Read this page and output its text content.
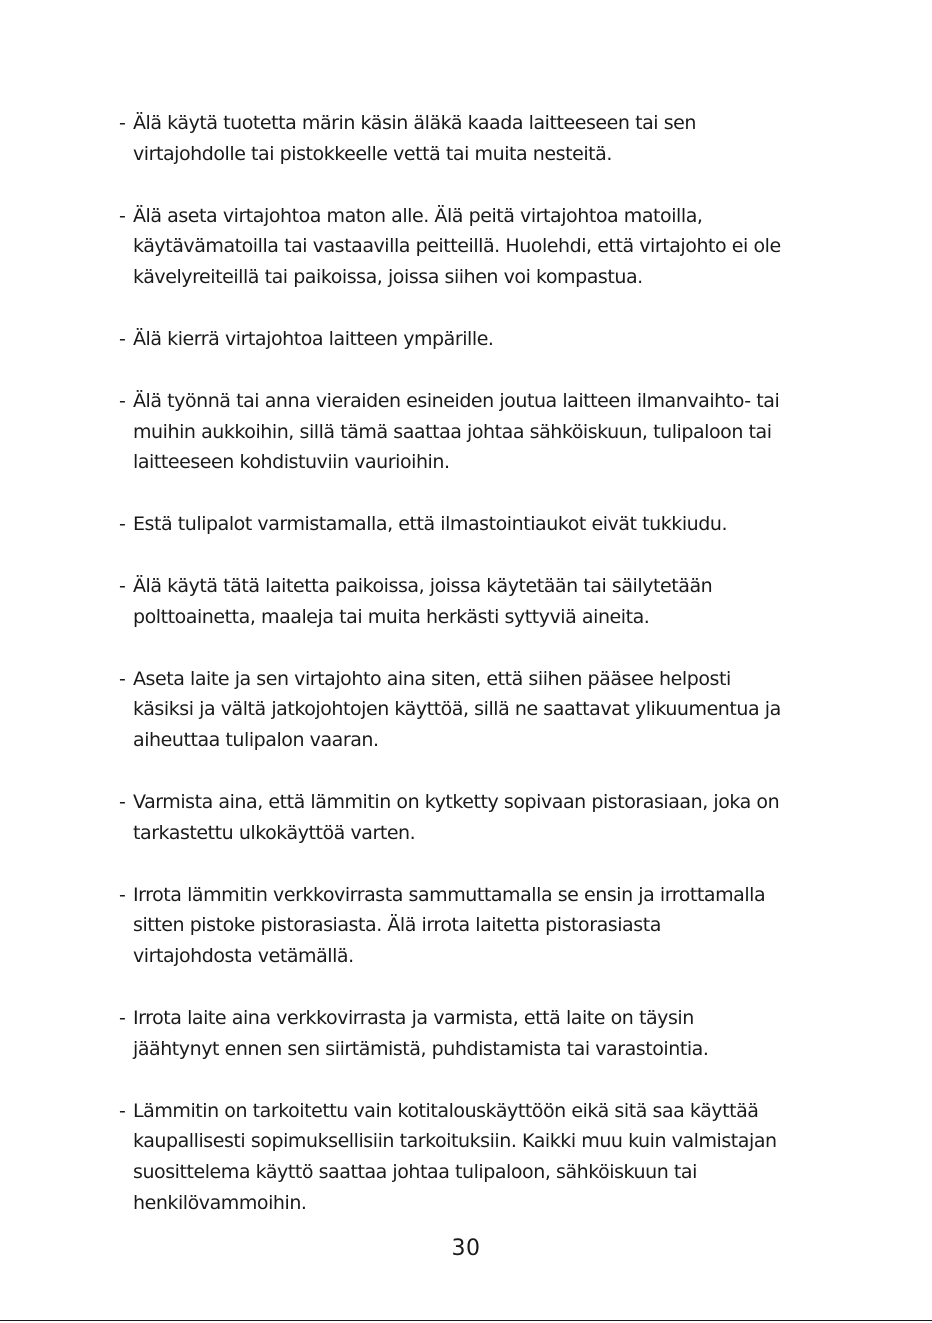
- Älä käytä tuotetta märin käsin äläkä kaada laitteeseen tai sen
virtajohdolle tai pistokkeelle vettä tai muita nesteitä.
- Älä aseta virtajohtoa maton alle. Älä peitä virtajohtoa matoilla,
käytävämatoilla tai vastaavilla peitteillä. Huolehdi, että virtajohto ei ole
kävelyreiteillä tai paikoissa, joissa siihen voi kompastua.
- Älä kierrä virtajohtoa laitteen ympärille.
- Älä työnnä tai anna vieraiden esineiden joutua laitteen ilmanvaihto- tai
muihin aukkoihin, sillä tämä saattaa johtaa sähköiskuun, tulipaloon tai
laitteeseen kohdistuviin vaurioihin.
- Estä tulipalot varmistamalla, että ilmastointiaukot eivät tukkiudu.
- Älä käytä tätä laitetta paikoissa, joissa käytetään tai säilytetään
polttoainetta, maaleja tai muita herkästi syttyviä aineita.
- Aseta laite ja sen virtajohto aina siten, että siihen pääsee helposti
käsiksi ja vältä jatkojohtojen käyttöä, sillä ne saattavat ylikuumentua ja
aiheuttaa tulipalon vaaran.
- Varmista aina, että lämmitin on kytketty sopivaan pistorasiaan, joka on
tarkastettu ulkokäyttöä varten.
- Irrota lämmitin verkkovirrasta sammuttamalla se ensin ja irrottamalla
sitten pistoke pistorasiasta. Älä irrota laitetta pistorasiasta
virtajohdosta vetämällä.
- Irrota laite aina verkkovirrasta ja varmista, että laite on täysin
jäähtynyt ennen sen siirtämistä, puhdistamista tai varastointia.
- Lämmitin on tarkoitettu vain kotitalouskäyttöön eikä sitä saa käyttää
kaupallisesti sopimuksellisiin tarkoituksiin. Kaikki muu kuin valmistajan
suosittelema käyttö saattaa johtaa tulipaloon, sähköiskuun tai
henkilövammoihin.
30
